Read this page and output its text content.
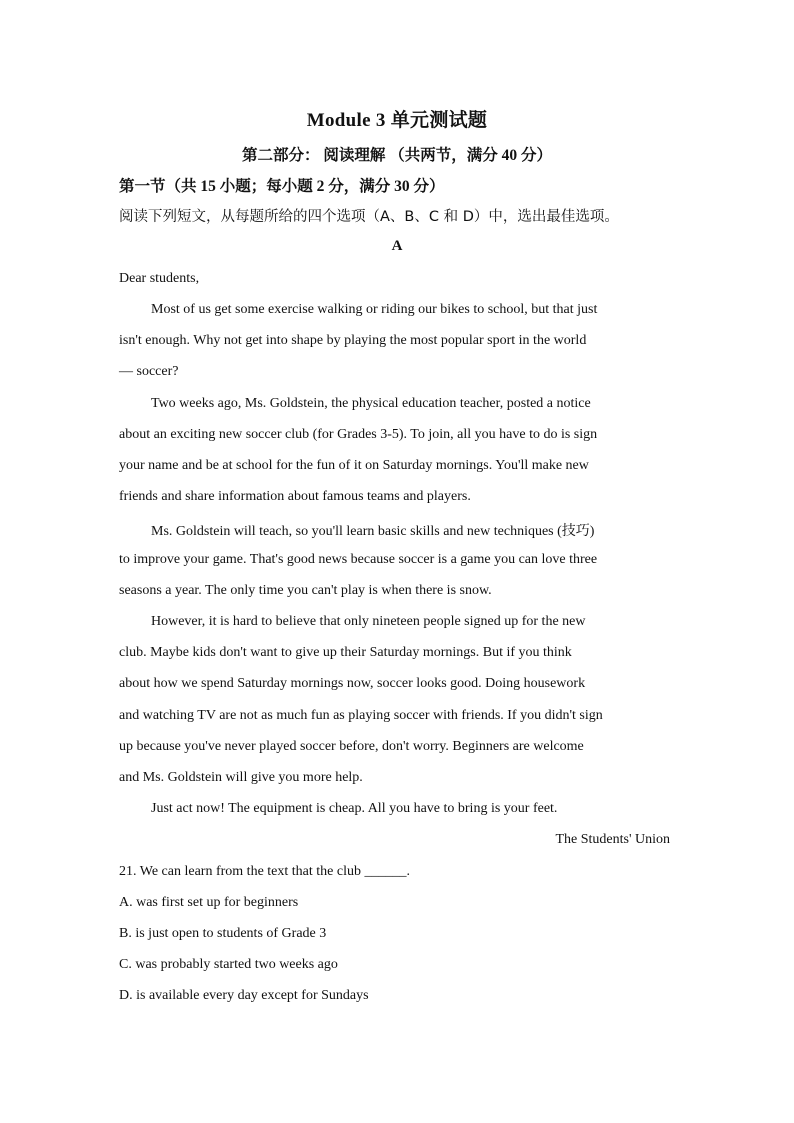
Module 3 单元测试题
第二部分： 阅读理解 （共两节，满分 40 分）
第一节（共 15 小题；每小题 2 分，满分 30 分）
阅读下列短文，从每题所给的四个选项（A、B、C 和 D）中，选出最佳选项。
A
Dear students,
Most of us get some exercise walking or riding our bikes to school, but that just
isn't enough. Why not get into shape by playing the most popular sport in the world
— soccer?
Two weeks ago, Ms. Goldstein, the physical education teacher, posted a notice
about an exciting new soccer club (for Grades 3-5). To join, all you have to do is sign
your name and be at school for the fun of it on Saturday mornings. You'll make new
friends and share information about famous teams and players.
Ms. Goldstein will teach, so you'll learn basic skills and new techniques (技巧)
to improve your game. That's good news because soccer is a game you can love three
seasons a year. The only time you can't play is when there is snow.
However, it is hard to believe that only nineteen people signed up for the new
club. Maybe kids don't want to give up their Saturday mornings. But if you think
about how we spend Saturday mornings now, soccer looks good. Doing housework
and watching TV are not as much fun as playing soccer with friends. If you didn't sign
up because you've never played soccer before, don't worry. Beginners are welcome
and Ms. Goldstein will give you more help.
Just act now! The equipment is cheap. All you have to bring is your feet.
The Students' Union
21. We can learn from the text that the club ______.
A. was first set up for beginners
B. is just open to students of Grade 3
C. was probably started two weeks ago
D. is available every day except for Sundays
